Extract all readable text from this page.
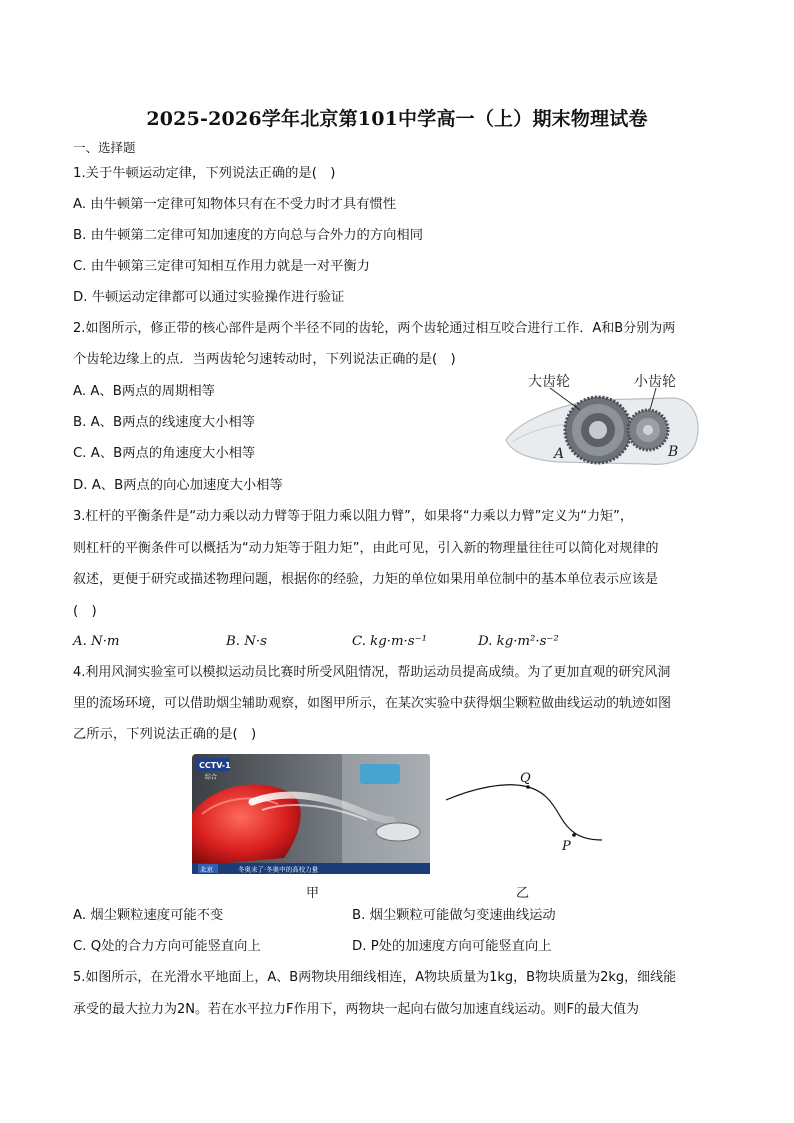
2025-2026学年北京第101中学高一（上）期末物理试卷
一、选择题
1.关于牛顿运动定律，下列说法正确的是(　)
A. 由牛顿第一定律可知物体只有在不受力时才具有惯性
B. 由牛顿第二定律可知加速度的方向总与合外力的方向相同
C. 由牛顿第三定律可知相互作用力就是一对平衡力
D. 牛顿运动定律都可以通过实验操作进行验证
2.如图所示，修正带的核心部件是两个半径不同的齿轮，两个齿轮通过相互咬合进行工作．A和B分别为两
个齿轮边缘上的点．当两齿轮匀速转动时，下列说法正确的是(　)
A. A、B两点的周期相等
B. A、B两点的线速度大小相等
C. A、B两点的角速度大小相等
D. A、B两点的向心加速度大小相等
大齿轮	小齿轮
A	B
3.杠杆的平衡条件是“动力乘以动力臂等于阻力乘以阻力臂”，如果将“力乘以力臂”定义为“力矩”，
则杠杆的平衡条件可以概括为“动力矩等于阻力矩”，由此可见，引入新的物理量往往可以简化对规律的
叙述，更便于研究或描述物理问题，根据你的经验，力矩的单位如果用单位制中的基本单位表示应该是
(　)
A. N·m	B. N·s	C. kg·m·s⁻¹	D. kg·m²·s⁻²
4.利用风洞实验室可以模拟运动员比赛时所受风阻情况，帮助运动员提高成绩。为了更加直观的研究风洞
里的流场环境，可以借助烟尘辅助观察，如图甲所示，在某次实验中获得烟尘颗粒做曲线运动的轨迹如图
乙所示，下列说法正确的是(　)
CCTV-1
综合
北京	冬奥来了·冬奥中的高校力量
甲
Q
P
乙
A. 烟尘颗粒速度可能不变	B. 烟尘颗粒可能做匀变速曲线运动
C. Q处的合力方向可能竖直向上	D. P处的加速度方向可能竖直向上
5.如图所示，在光滑水平地面上，A、B两物块用细线相连，A物块质量为1kg，B物块质量为2kg，细线能
承受的最大拉力为2N。若在水平拉力F作用下，两物块一起向右做匀加速直线运动。则F的最大值为
